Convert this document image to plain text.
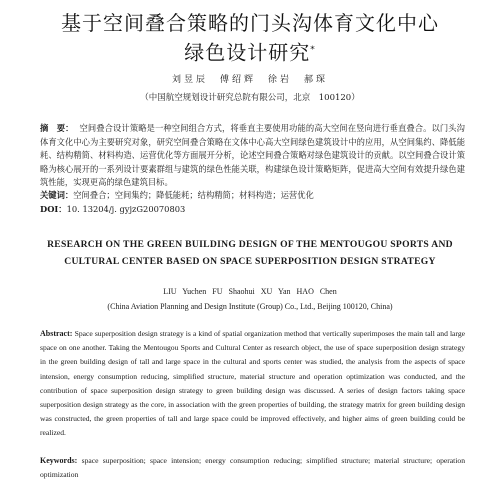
基于空间叠合策略的门头沟体育文化中心
绿色设计研究*
刘昱辰　傅绍辉　徐岩　郝琛
（中国航空规划设计研究总院有限公司，北京　100120）

摘　要： 空间叠合设计策略是一种空间组合方式，将垂直主要使用功能的高大空间在竖向进行垂直叠合。以门头沟体育文化中心为主要研究对象，研究空间叠合策略在文体中心高大空间绿色建筑设计中的应用，从空间集约、降低能耗、结构精简、材料构造、运营优化等方面展开分析，论述空间叠合策略对绿色建筑设计的贡献。以空间叠合设计策略为核心展开的一系列设计要素群组与建筑的绿色性能关联，构建绿色设计策略矩阵，促进高大空间有效提升绿色建筑性能，实现更高的绿色建筑目标。

关键词：空间叠合；空间集约；降低能耗；结构精简；材料构造；运营优化
DOI：10. 13204/j. gyjzG20070803
RESEARCH ON THE GREEN BUILDING DESIGN OF THE MENTOUGOU SPORTS AND
CULTURAL CENTER BASED ON SPACE SUPERPOSITION DESIGN STRATEGY
LIU Yuchen FU Shaohui XU Yan HAO Chen
(China Aviation Planning and Design Institute (Group) Co., Ltd., Beijing 100120, China)

Abstract: Space superposition design strategy is a kind of spatial organization method that vertically superimposes the main tall and large space on one another. Taking the Mentougou Sports and Cultural Center as research object, the use of space superposition design strategy in the green building design of tall and large space in the cultural and sports center was studied, the analysis from the aspects of space intension, energy consumption reducing, simplified structure, material structure and operation optimization was conducted, and the contribution of space superposition design strategy to green building design was discussed. A series of design factors taking space superposition design strategy as the core, in association with the green properties of building, the strategy matrix for green building design was constructed, the green properties of tall and large space could be improved effectively, and higher aims of green building could be realized.

Keywords: space superposition; space intension; energy consumption reducing; simplified structure; material structure; operation optimization
